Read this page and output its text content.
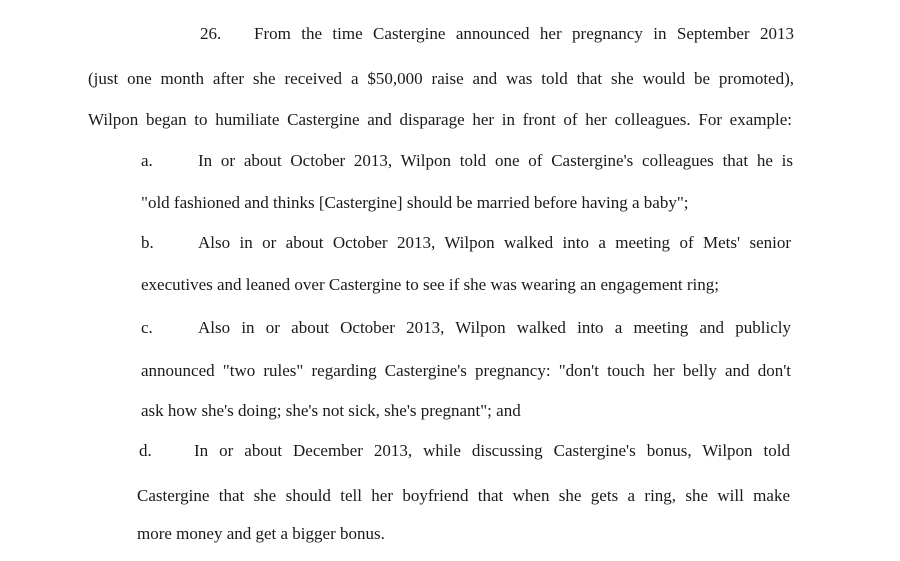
26. From the time Castergine announced her pregnancy in September 2013
(just one month after she received a $50,000 raise and was told that she would be promoted),
Wilpon began to humiliate Castergine and disparage her in front of her colleagues. For example:
a.	In or about October 2013, Wilpon told one of Castergine's colleagues that he is
"old fashioned and thinks [Castergine] should be married before having a baby";
b.	Also in or about October 2013, Wilpon walked into a meeting of Mets' senior
executives and leaned over Castergine to see if she was wearing an engagement ring;
c.	Also in or about October 2013, Wilpon walked into a meeting and publicly
announced "two rules" regarding Castergine's pregnancy: "don't touch her belly and don't
ask how she's doing; she's not sick, she's pregnant"; and
d. In or about December 2013, while discussing Castergine's bonus, Wilpon told
Castergine that she should tell her boyfriend that when she gets a ring, she will make
more money and get a bigger bonus.
